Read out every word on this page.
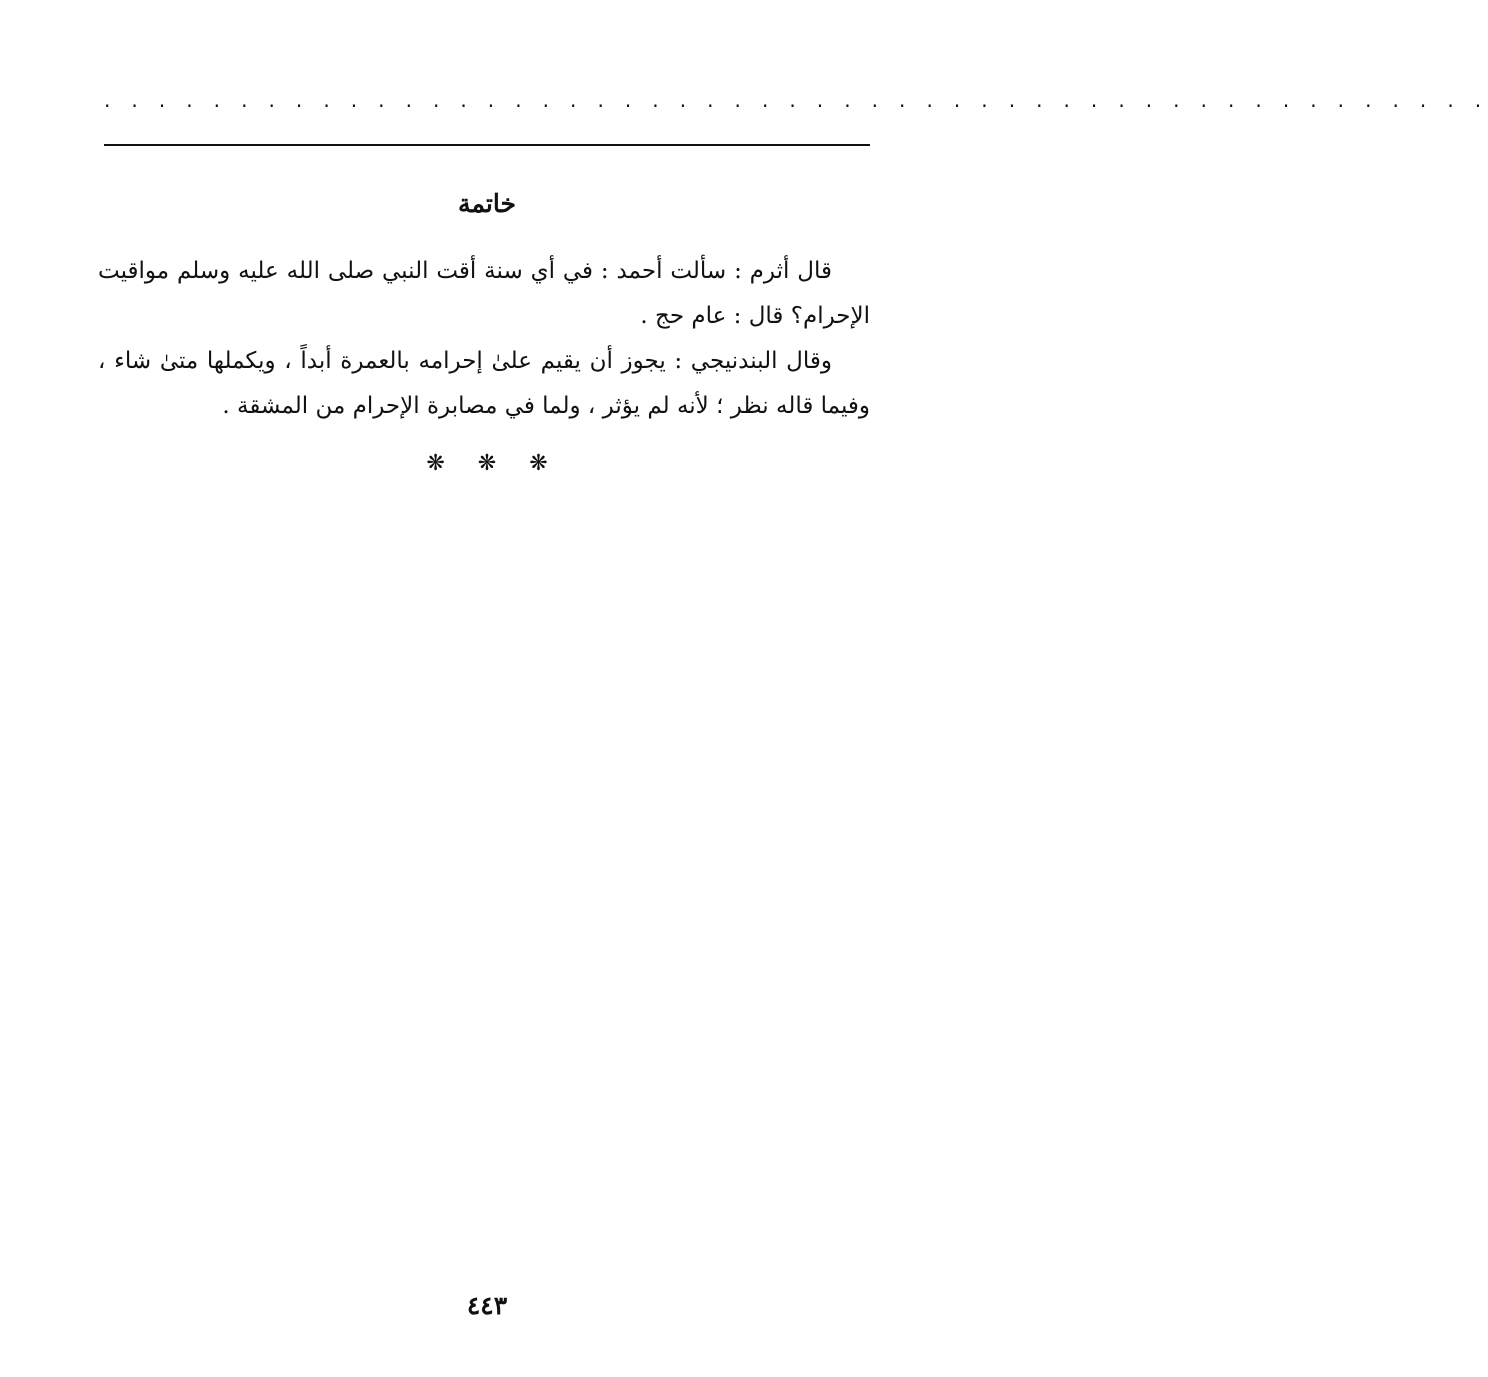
. . . . . . . . . . . . . . . . . . . . . . . . . . . . . . . . . . . . . . . . . . . . . . . . . . .
خاتمة

قال أثرم : سألت أحمد : في أي سنة أقت النبي صلى الله عليه وسلم مواقيت الإحرام؟ قال : عام حج .

وقال البندنيجي : يجوز أن يقيم علىٰ إحرامه بالعمرة أبداً ، ويكملها متىٰ شاء ، وفيما قاله نظر ؛ لأنه لم يؤثر ، ولما في مصابرة الإحرام من المشقة .

❋ ❋ ❋
٤٤٣
